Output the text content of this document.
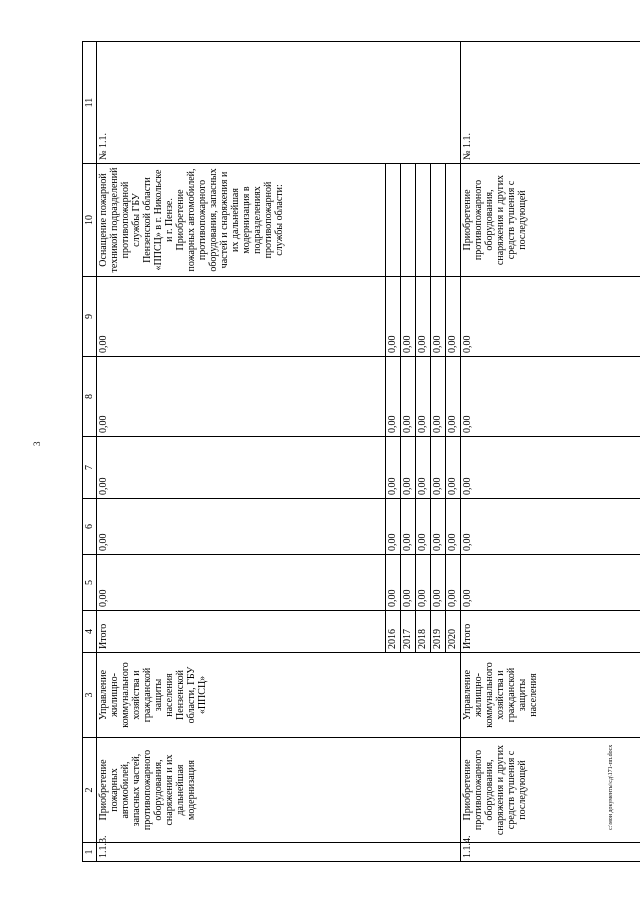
3
c:\мои документы\сд\171-пп.docx
1	2	3	4	5	6	7	8	9	10	11
1.1.3.	Приобретение пожарных автомобилей, запасных частей, противопожарного оборудования, снаряжения и их дальнейшая модернизация	Управление жилищно-коммунального хозяйства и гражданской защиты населения Пензенской области, ГБУ «ППСЦ»	Итого	0,00	0,00	0,00	0,00	0,00	Оснащение пожарной техникой подразделений противопожарной службы ГБУ Пензенской области «ППСЦ» в г. Никольске и г. Пензе. Приобретение пожарных автомобилей, противопожарного оборудования, запасных частей и снаряжения и их дальнейшая модернизация в подразделениях противопожарной службы области:	№ 1.1.
			2016	0,00	0,00	0,00	0,00	0,00		
			2017	0,00	0,00	0,00	0,00	0,00		
			2018	0,00	0,00	0,00	0,00	0,00		
			2019	0,00	0,00	0,00	0,00	0,00		
			2020	0,00	0,00	0,00	0,00	0,00		
1.1.4.	Приобретение противопожарного оборудования, снаряжения и других средств тушения с последующей	Управление жилищно-коммунального хозяйства и гражданской защиты населения	Итого	0,00	0,00	0,00	0,00	0,00	Приобретение противопожарного оборудования, снаряжения и других средств тушения с последующей	№ 1.1.
